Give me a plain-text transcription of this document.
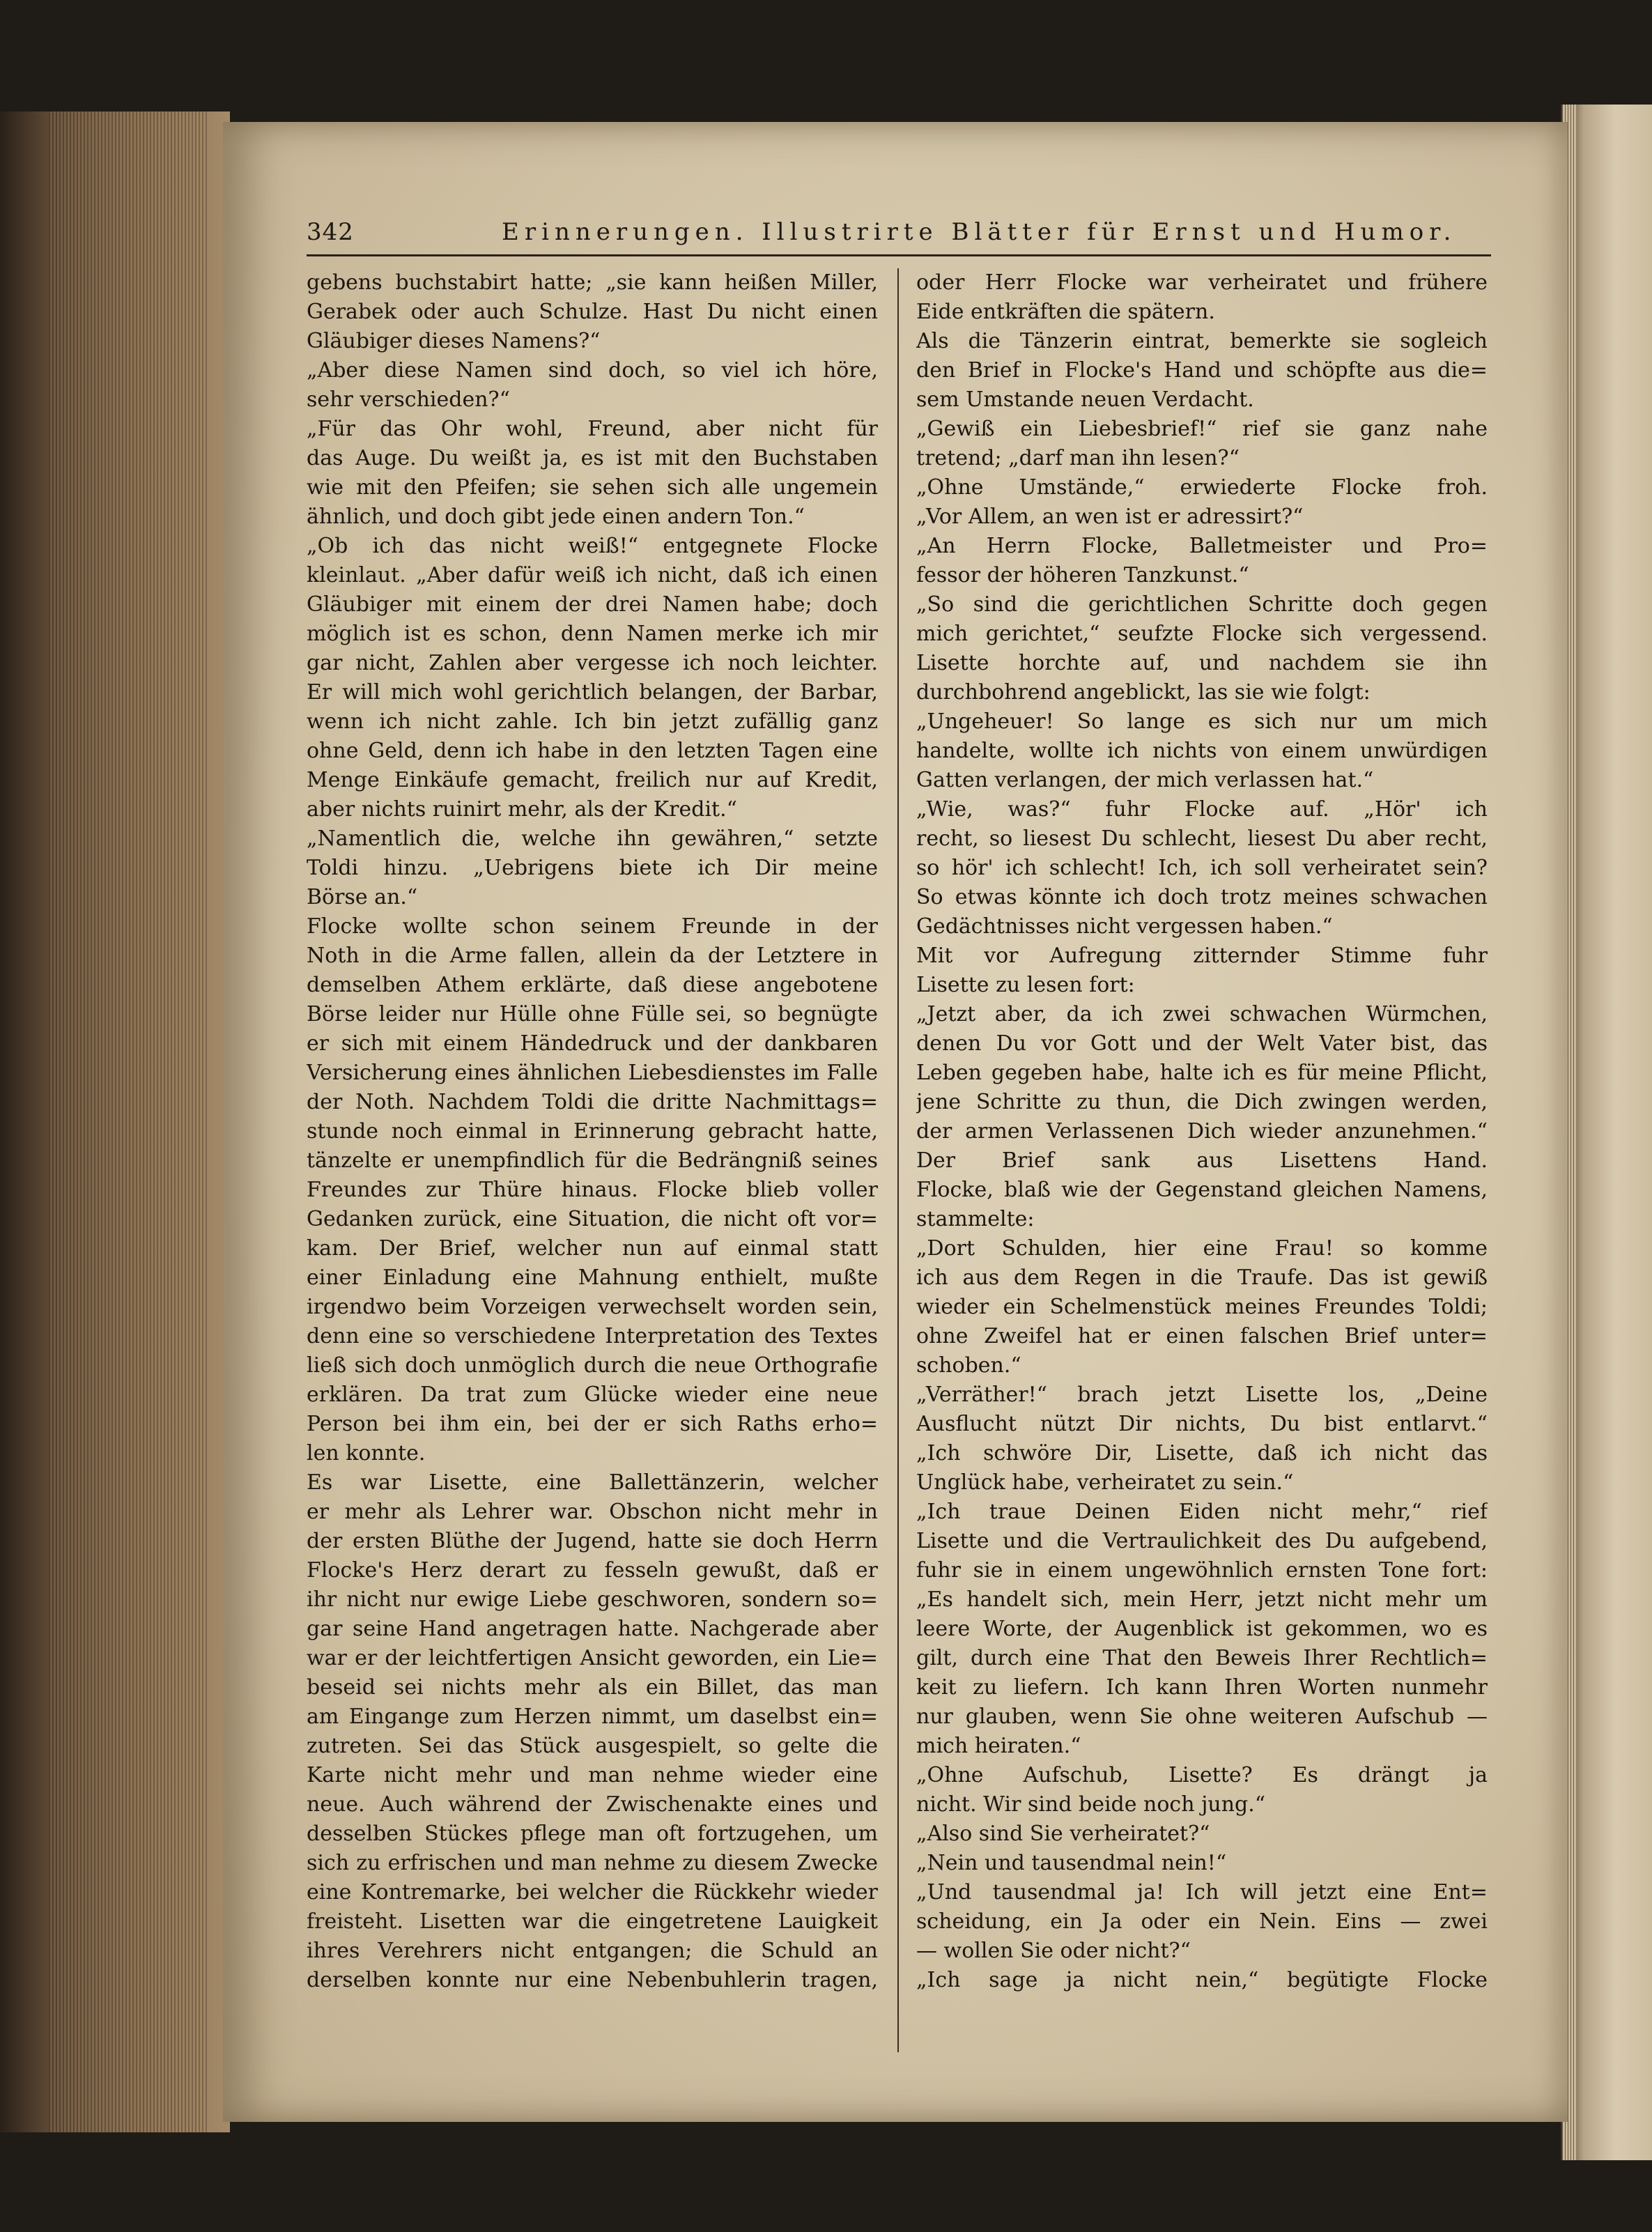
342	Erinnerungen. Illustrirte Blätter für Ernst und Humor.
gebens buchstabirt hatte; „sie kann heißen Miller,
Gerabek oder auch Schulze. Hast Du nicht einen
Gläubiger dieses Namens?“
„Aber diese Namen sind doch, so viel ich höre,
sehr verschieden?“
„Für das Ohr wohl, Freund, aber nicht für
das Auge. Du weißt ja, es ist mit den Buchstaben
wie mit den Pfeifen; sie sehen sich alle ungemein
ähnlich, und doch gibt jede einen andern Ton.“
„Ob ich das nicht weiß!“ entgegnete Flocke
kleinlaut. „Aber dafür weiß ich nicht, daß ich einen
Gläubiger mit einem der drei Namen habe; doch
möglich ist es schon, denn Namen merke ich mir
gar nicht, Zahlen aber vergesse ich noch leichter.
Er will mich wohl gerichtlich belangen, der Barbar,
wenn ich nicht zahle. Ich bin jetzt zufällig ganz
ohne Geld, denn ich habe in den letzten Tagen eine
Menge Einkäufe gemacht, freilich nur auf Kredit,
aber nichts ruinirt mehr, als der Kredit.“
„Namentlich die, welche ihn gewähren,“ setzte
Toldi hinzu. „Uebrigens biete ich Dir meine
Börse an.“
Flocke wollte schon seinem Freunde in der
Noth in die Arme fallen, allein da der Letztere in
demselben Athem erklärte, daß diese angebotene
Börse leider nur Hülle ohne Fülle sei, so begnügte
er sich mit einem Händedruck und der dankbaren
Versicherung eines ähnlichen Liebesdienstes im Falle
der Noth. Nachdem Toldi die dritte Nachmittags=
stunde noch einmal in Erinnerung gebracht hatte,
tänzelte er unempfindlich für die Bedrängniß seines
Freundes zur Thüre hinaus. Flocke blieb voller
Gedanken zurück, eine Situation, die nicht oft vor=
kam. Der Brief, welcher nun auf einmal statt
einer Einladung eine Mahnung enthielt, mußte
irgendwo beim Vorzeigen verwechselt worden sein,
denn eine so verschiedene Interpretation des Textes
ließ sich doch unmöglich durch die neue Orthografie
erklären. Da trat zum Glücke wieder eine neue
Person bei ihm ein, bei der er sich Raths erho=
len konnte.
Es war Lisette, eine Ballettänzerin, welcher
er mehr als Lehrer war. Obschon nicht mehr in
der ersten Blüthe der Jugend, hatte sie doch Herrn
Flocke's Herz derart zu fesseln gewußt, daß er
ihr nicht nur ewige Liebe geschworen, sondern so=
gar seine Hand angetragen hatte. Nachgerade aber
war er der leichtfertigen Ansicht geworden, ein Lie=
beseid sei nichts mehr als ein Billet, das man
am Eingange zum Herzen nimmt, um daselbst ein=
zutreten. Sei das Stück ausgespielt, so gelte die
Karte nicht mehr und man nehme wieder eine
neue. Auch während der Zwischenakte eines und
desselben Stückes pflege man oft fortzugehen, um
sich zu erfrischen und man nehme zu diesem Zwecke
eine Kontremarke, bei welcher die Rückkehr wieder
freisteht. Lisetten war die eingetretene Lauigkeit
ihres Verehrers nicht entgangen; die Schuld an
derselben konnte nur eine Nebenbuhlerin tragen,
oder Herr Flocke war verheiratet und frühere
Eide entkräften die spätern.
Als die Tänzerin eintrat, bemerkte sie sogleich
den Brief in Flocke's Hand und schöpfte aus die=
sem Umstande neuen Verdacht.
„Gewiß ein Liebesbrief!“ rief sie ganz nahe
tretend; „darf man ihn lesen?“
„Ohne Umstände,“ erwiederte Flocke froh.
„Vor Allem, an wen ist er adressirt?“
„An Herrn Flocke, Balletmeister und Pro=
fessor der höheren Tanzkunst.“
„So sind die gerichtlichen Schritte doch gegen
mich gerichtet,“ seufzte Flocke sich vergessend.
Lisette horchte auf, und nachdem sie ihn
durchbohrend angeblickt, las sie wie folgt:
„Ungeheuer! So lange es sich nur um mich
handelte, wollte ich nichts von einem unwürdigen
Gatten verlangen, der mich verlassen hat.“
„Wie, was?“ fuhr Flocke auf. „Hör' ich
recht, so liesest Du schlecht, liesest Du aber recht,
so hör' ich schlecht! Ich, ich soll verheiratet sein?
So etwas könnte ich doch trotz meines schwachen
Gedächtnisses nicht vergessen haben.“
Mit vor Aufregung zitternder Stimme fuhr
Lisette zu lesen fort:
„Jetzt aber, da ich zwei schwachen Würmchen,
denen Du vor Gott und der Welt Vater bist, das
Leben gegeben habe, halte ich es für meine Pflicht,
jene Schritte zu thun, die Dich zwingen werden,
der armen Verlassenen Dich wieder anzunehmen.“
Der Brief sank aus Lisettens Hand.
Flocke, blaß wie der Gegenstand gleichen Namens,
stammelte:
„Dort Schulden, hier eine Frau! so komme
ich aus dem Regen in die Traufe. Das ist gewiß
wieder ein Schelmenstück meines Freundes Toldi;
ohne Zweifel hat er einen falschen Brief unter=
schoben.“
„Verräther!“ brach jetzt Lisette los, „Deine
Ausflucht nützt Dir nichts, Du bist entlarvt.“
„Ich schwöre Dir, Lisette, daß ich nicht das
Unglück habe, verheiratet zu sein.“
„Ich traue Deinen Eiden nicht mehr,“ rief
Lisette und die Vertraulichkeit des Du aufgebend,
fuhr sie in einem ungewöhnlich ernsten Tone fort:
„Es handelt sich, mein Herr, jetzt nicht mehr um
leere Worte, der Augenblick ist gekommen, wo es
gilt, durch eine That den Beweis Ihrer Rechtlich=
keit zu liefern. Ich kann Ihren Worten nunmehr
nur glauben, wenn Sie ohne weiteren Aufschub —
mich heiraten.“
„Ohne Aufschub, Lisette? Es drängt ja
nicht. Wir sind beide noch jung.“
„Also sind Sie verheiratet?“
„Nein und tausendmal nein!“
„Und tausendmal ja! Ich will jetzt eine Ent=
scheidung, ein Ja oder ein Nein. Eins — zwei
— wollen Sie oder nicht?“
„Ich sage ja nicht nein,“ begütigte Flocke
